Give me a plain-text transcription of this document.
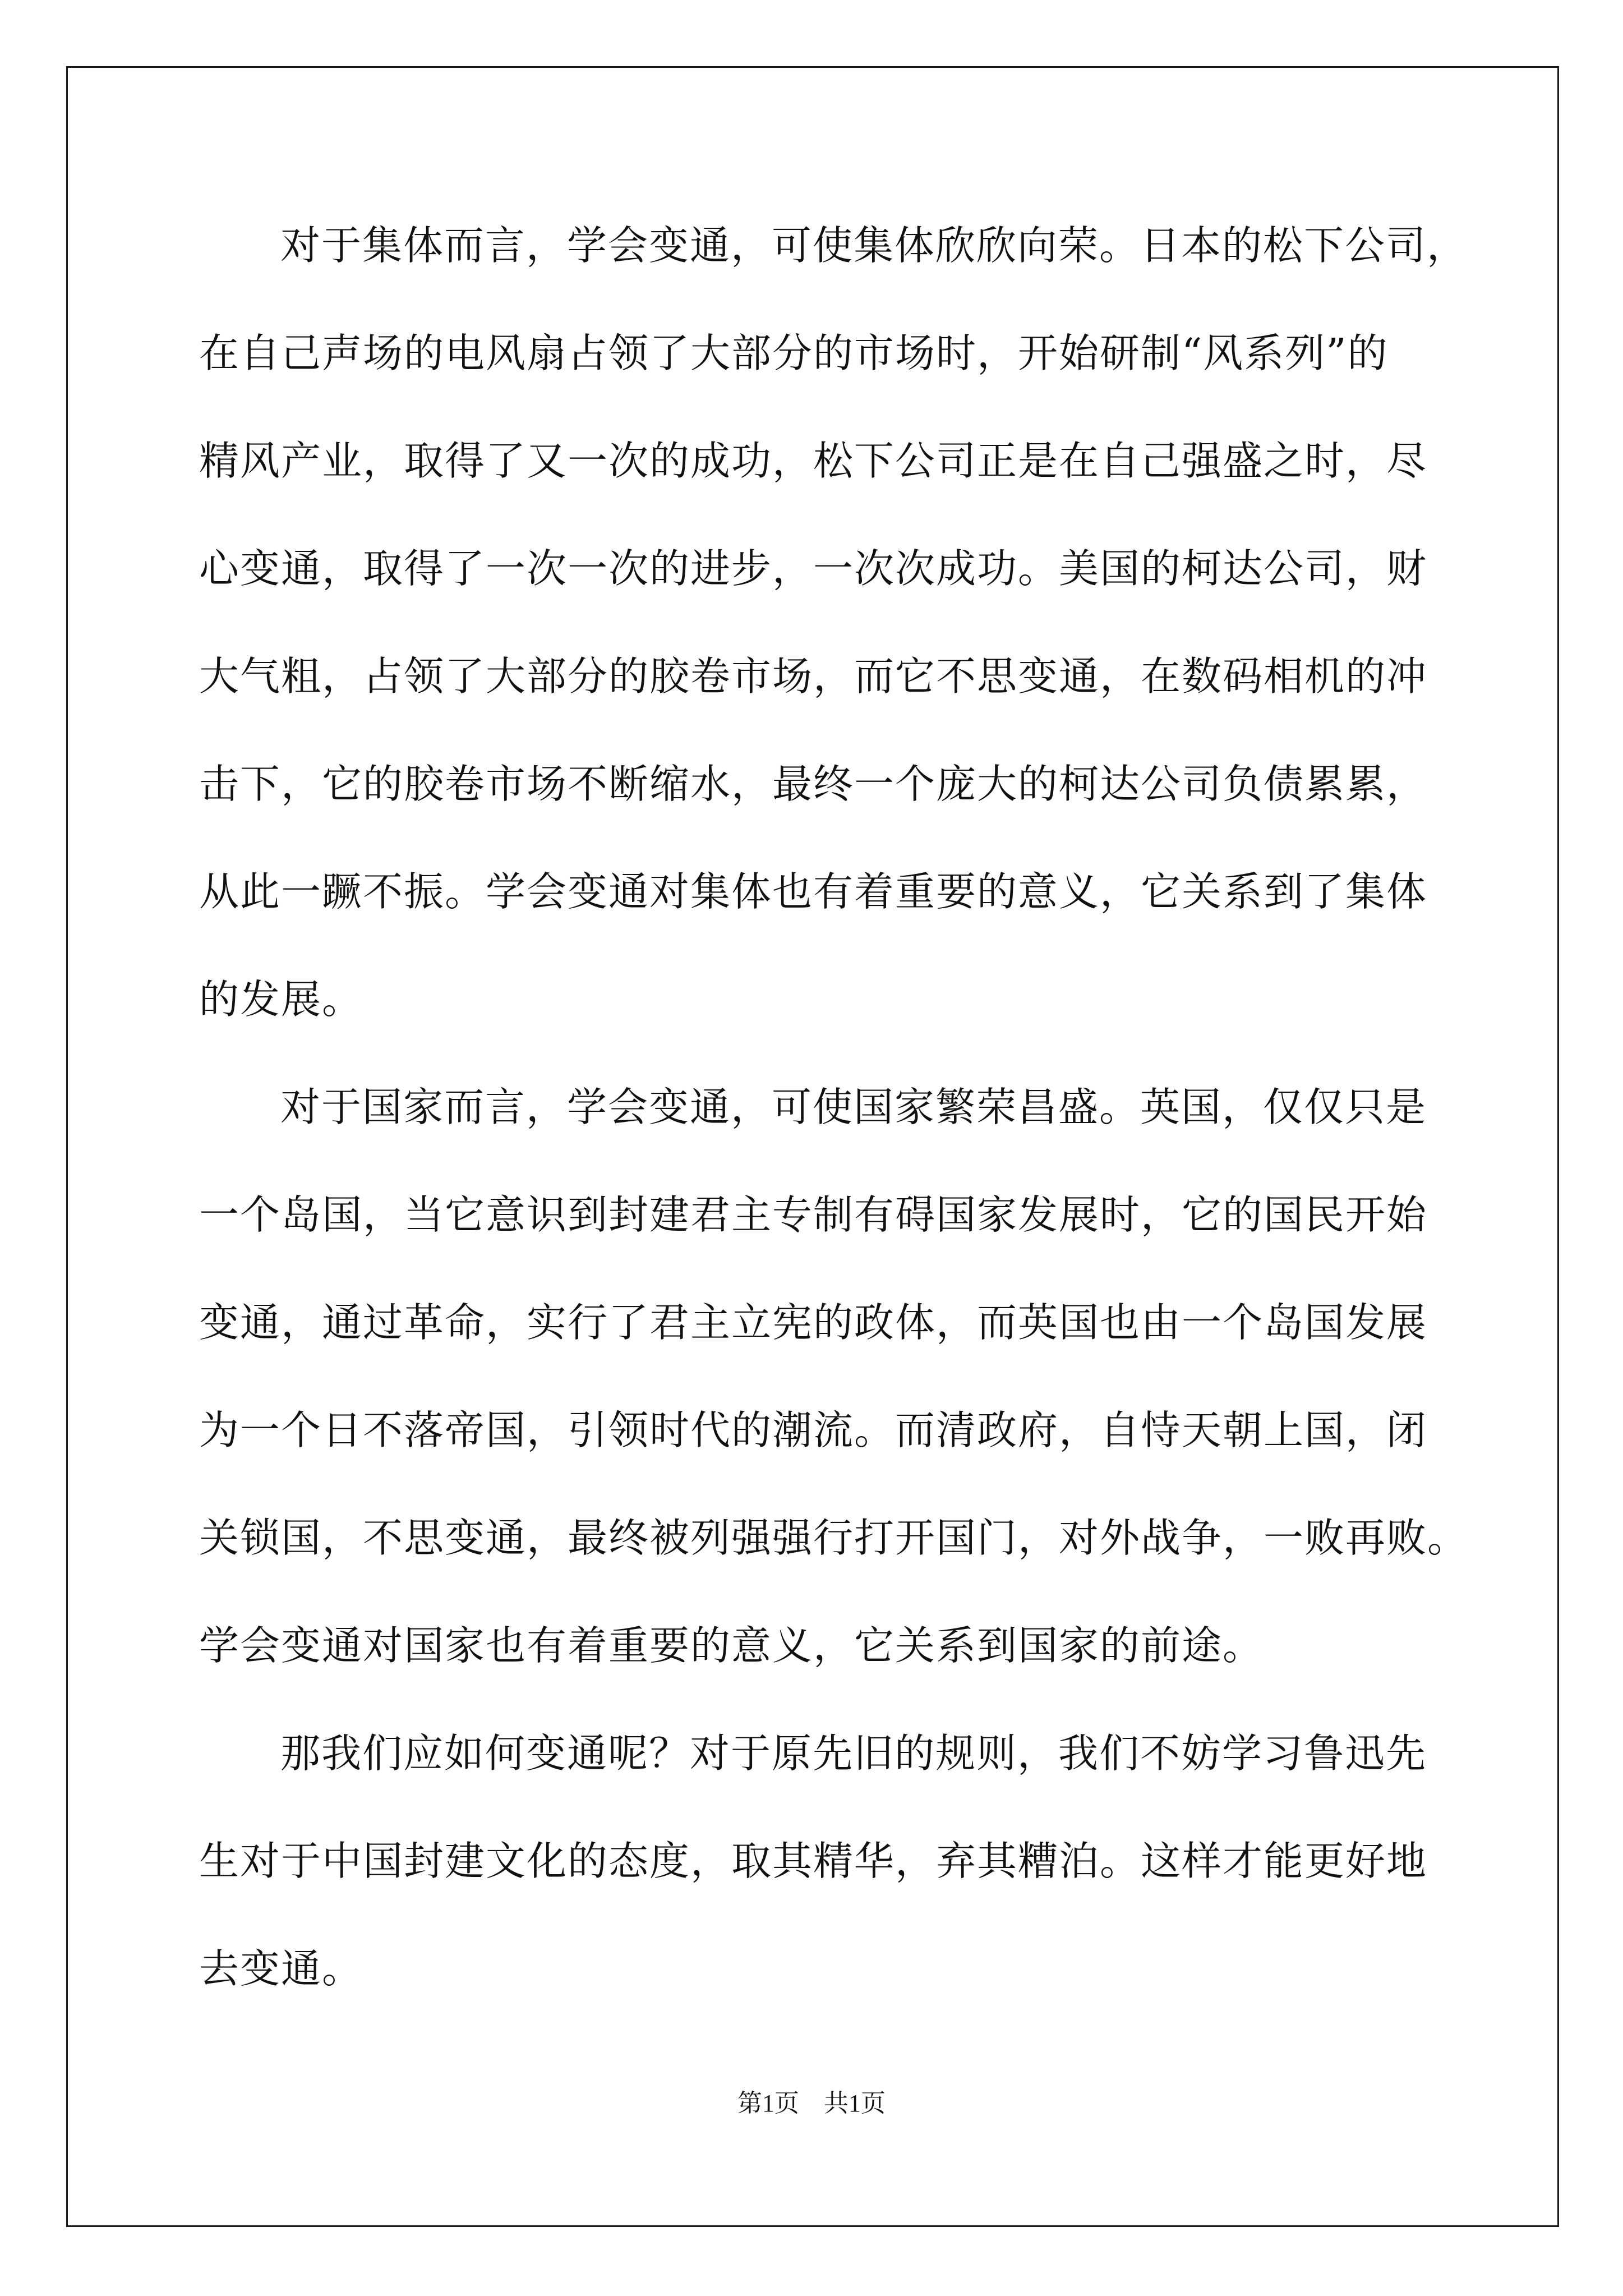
对于集体而言，学会变通，可使集体欣欣向荣。日本的松下公司，
在自己声场的电风扇占领了大部分的市场时，开始研制“风系列”的
精风产业，取得了又一次的成功，松下公司正是在自己强盛之时，尽
心变通，取得了一次一次的进步，一次次成功。美国的柯达公司，财
大气粗，占领了大部分的胶卷市场，而它不思变通，在数码相机的冲
击下，它的胶卷市场不断缩水，最终一个庞大的柯达公司负债累累，
从此一蹶不振。学会变通对集体也有着重要的意义，它关系到了集体
的发展。
对于国家而言，学会变通，可使国家繁荣昌盛。英国，仅仅只是
一个岛国，当它意识到封建君主专制有碍国家发展时，它的国民开始
变通，通过革命，实行了君主立宪的政体，而英国也由一个岛国发展
为一个日不落帝国，引领时代的潮流。而清政府，自恃天朝上国，闭
关锁国，不思变通，最终被列强强行打开国门，对外战争，一败再败。
学会变通对国家也有着重要的意义，它关系到国家的前途。
那我们应如何变通呢？对于原先旧的规则，我们不妨学习鲁迅先
生对于中国封建文化的态度，取其精华，弃其糟泊。这样才能更好地
去变通。
第1页　共1页
